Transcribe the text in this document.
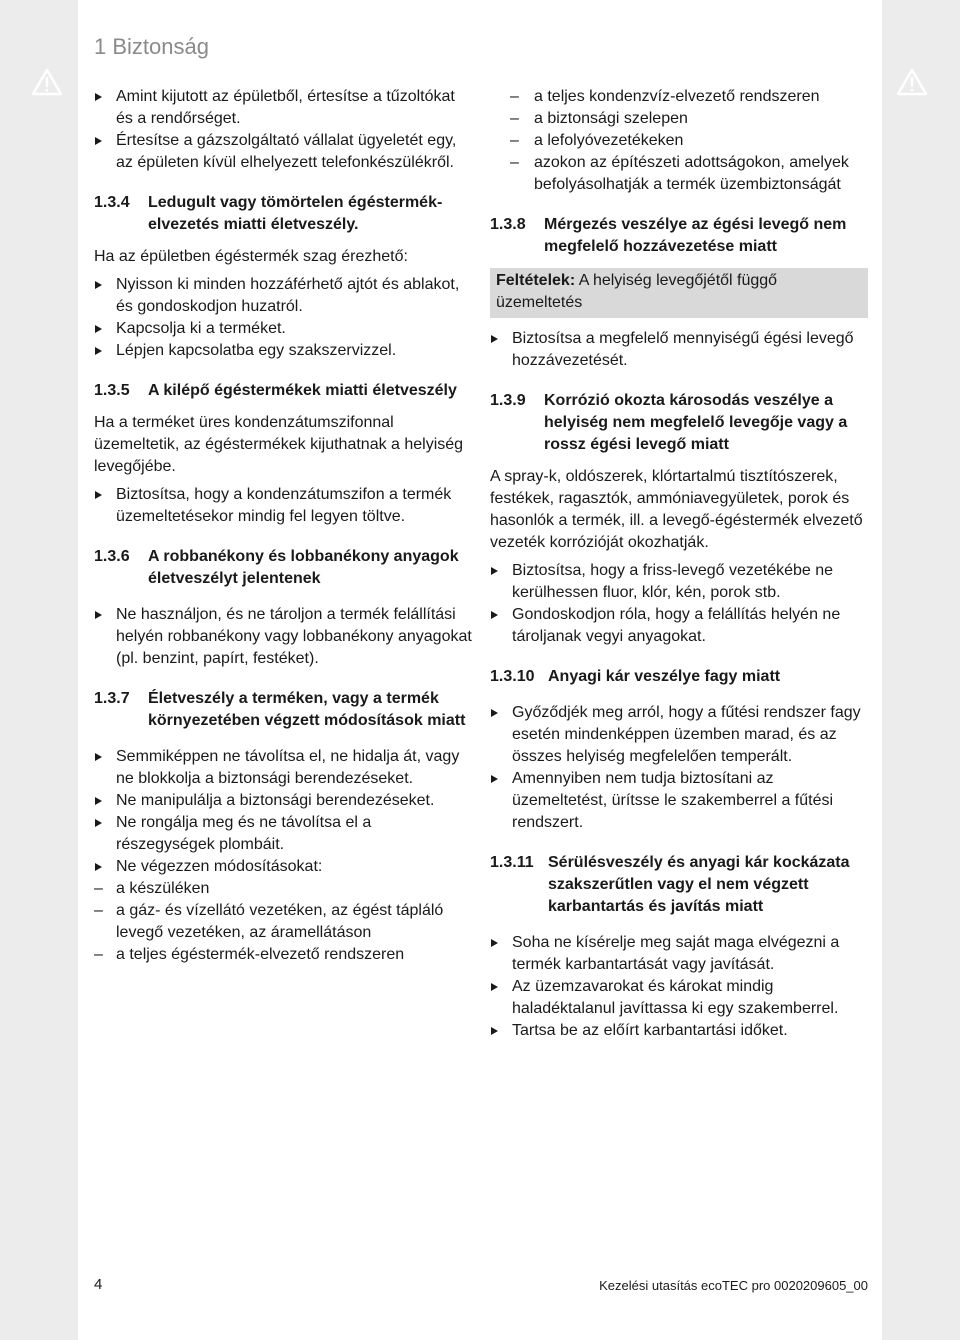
1 Biztonság

Amint kijutott az épületből, értesítse a tűzoltókat és a rendőrséget.

Értesítse a gázszolgáltató vállalat ügyeletét egy, az épületen kívül elhelyezett telefonkészülékről.

1.3.4	Ledugult vagy tömörtelen égéstermék-elvezetés miatti életveszély.

Ha az épületben égéstermék szag érezhető:

Nyisson ki minden hozzáférhető ajtót és ablakot, és gondoskodjon huzatról.

Kapcsolja ki a terméket.

Lépjen kapcsolatba egy szakszervizzel.

1.3.5	A kilépő égéstermékek miatti életveszély

Ha a terméket üres kondenzátumszifonnal üzemeltetik, az égéstermékek kijuthatnak a helyiség levegőjébe.

Biztosítsa, hogy a kondenzátumszifon a termék üzemeltetésekor mindig fel legyen töltve.

1.3.6	A robbanékony és lobbanékony anyagok életveszélyt jelentenek

Ne használjon, és ne tároljon a termék felállítási helyén robbanékony vagy lobbanékony anyagokat (pl. benzint, papírt, festéket).

1.3.7	Életveszély a terméken, vagy a termék környezetében végzett módosítások miatt

Semmiképpen ne távolítsa el, ne hidalja át, vagy ne blokkolja a biztonsági berendezéseket.

Ne manipulálja a biztonsági berendezéseket.

Ne rongálja meg és ne távolítsa el a részegységek plombáit.

Ne végezzen módosításokat:

– a készüléken

– a gáz- és vízellátó vezetéken, az égést tápláló levegő vezetéken, az áramellátáson

– a teljes égéstermék-elvezető rendszeren

– a teljes kondenzvíz-elvezető rendszeren

– a biztonsági szelepen

– a lefolyóvezetékeken

– azokon az építészeti adottságokon, amelyek befolyásolhatják a termék üzembiztonságát

1.3.8	Mérgezés veszélye az égési levegő nem megfelelő hozzávezetése miatt

Feltételek: A helyiség levegőjétől függő üzemeltetés

Biztosítsa a megfelelő mennyiségű égési levegő hozzávezetését.

1.3.9	Korrózió okozta károsodás veszélye a helyiség nem megfelelő levegője vagy a rossz égési levegő miatt

A spray-k, oldószerek, klórtartalmú tisztítószerek, festékek, ragasztók, ammóniavegyületek, porok és hasonlók a termék, ill. a levegő-égéstermék elvezető vezeték korrózióját okozhatják.

Biztosítsa, hogy a friss-levegő vezetékébe ne kerülhessen fluor, klór, kén, porok stb.

Gondoskodjon róla, hogy a felállítás helyén ne tároljanak vegyi anyagokat.

1.3.10 Anyagi kár veszélye fagy miatt

Győződjék meg arról, hogy a fűtési rendszer fagy esetén mindenképpen üzemben marad, és az összes helyiség megfelelően temperált.

Amennyiben nem tudja biztosítani az üzemeltetést, ürítsse le szakemberrel a fűtési rendszert.

1.3.11 Sérülésveszély és anyagi kár kockázata szakszerűtlen vagy el nem végzett karbantartás és javítás miatt

Soha ne kísérelje meg saját maga elvégezni a termék karbantartását vagy javítását.

Az üzemzavarokat és károkat mindig haladéktalanul javíttassa ki egy szakemberrel.

Tartsa be az előírt karbantartási időket.

4	Kezelési utasítás ecoTEC pro 0020209605_00
